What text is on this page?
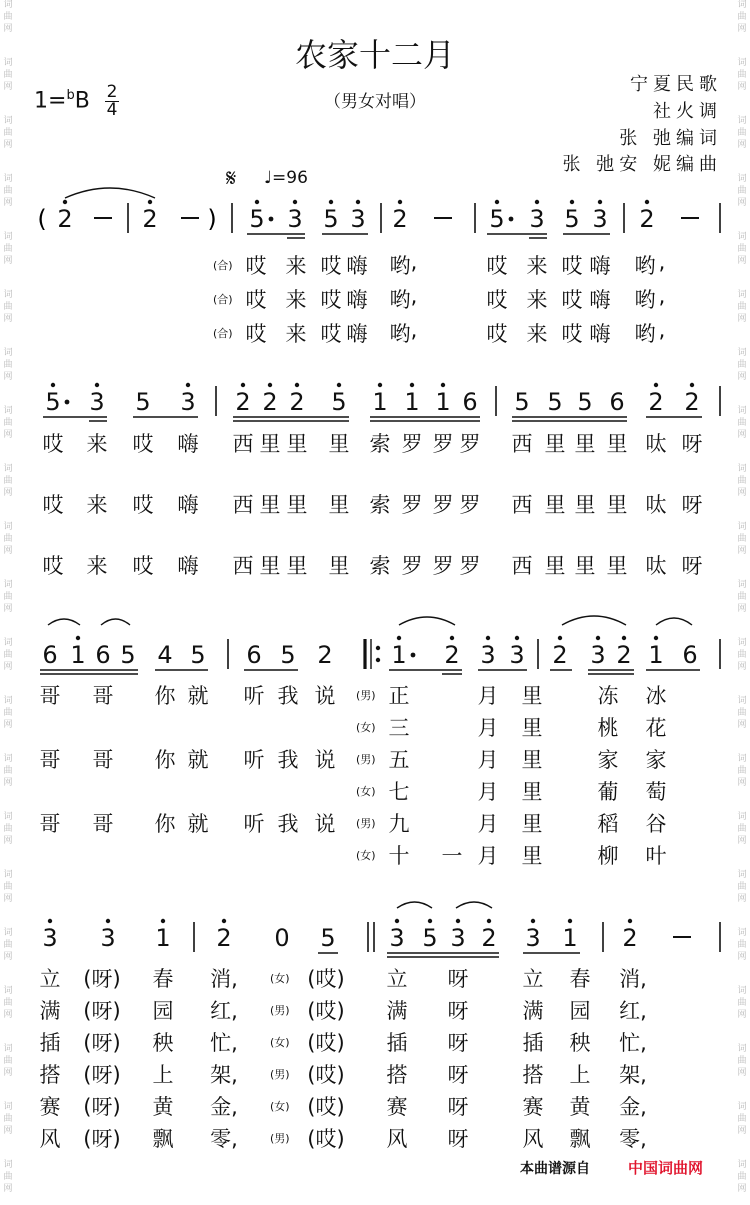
词
曲
网
词
曲
网
词
曲
网
词
曲
网
词
曲
网
词
曲
网
词
曲
网
词
曲
网
词
曲
网
词
曲
网
词
曲
网
词
曲
网
词
曲
网
词
曲
网
词
曲
网
词
曲
网
词
曲
网
词
曲
网
词
曲
网
词
曲
网
词
曲
网
词
曲
网
词
曲
网
词
曲
网
词
曲
网
词
曲
网
词
曲
网
词
曲
网
词
曲
网
词
曲
网
词
曲
网
词
曲
网
词
曲
网
词
曲
网
词
曲
网
词
曲
网
词
曲
网
词
曲
网
词
曲
网
词
曲
网
词
曲
网
词
曲
网
农家十二月
（男女对唱）
1=$^b$B 2
4
宁夏民歌
社火调
张 弛编词
张 弛安 妮编曲
𝄋 ♩=96
( 2	2 ) 5 3 5 3 2	5 3 5 3 2
5 3 5 3 2 2 2 5 1 1 1 6 5 5 5 6 2 2
6 1 6 5 4 5 6 5 2 1 2 3 3 2 3 2 1 6
3 3 1 2 0 5 3 5 3 2 3 1 2
哎 来 哎 嗨 哟	哎 来 哎 嗨 哟
(合)	,	,
哎 来 哎 嗨 哟	哎 来 哎 嗨 哟
(合)	,	,
哎 来 哎 嗨 哟	哎 来 哎 嗨 哟
(合)	,	,
哎 来 哎 嗨 西 里 里 里 索 罗 罗 罗 西 里 里 里 呔 呀
哎 来 哎 嗨 西 里 里 里 索 罗 罗 罗 西 里 里 里 呔 呀
哎 来 哎 嗨 西 里 里 里 索 罗 罗 罗 西 里 里 里 呔 呀
哥 哥 你 就 听 我 说 (男) 正	月 里	冻 冰
(女) 三	月 里	桃 花
哥 哥 你 就 听 我 说 (男) 五	月 里	家 家
(女) 七	月 里	葡 萄
哥 哥 你 就 听 我 说 (男) 九	月 里	稻 谷
(女) 十 一 月 里	柳 叶
立 (呀) 春 消,	(女) (哎) 立 呀	立 春 消,
满 (呀) 园 红,	(男) (哎) 满 呀	满 园 红,
插 (呀) 秧 忙,	(女) (哎) 插 呀	插 秧 忙,
搭 (呀) 上 架,	(男) (哎) 搭 呀	搭 上 架,
赛 (呀) 黄 金,	(女) (哎) 赛 呀	赛 黄 金,
风 (呀) 飘 零,	(男) (哎) 风 呀	风 飘 零,
本曲谱源自	中国词曲网
